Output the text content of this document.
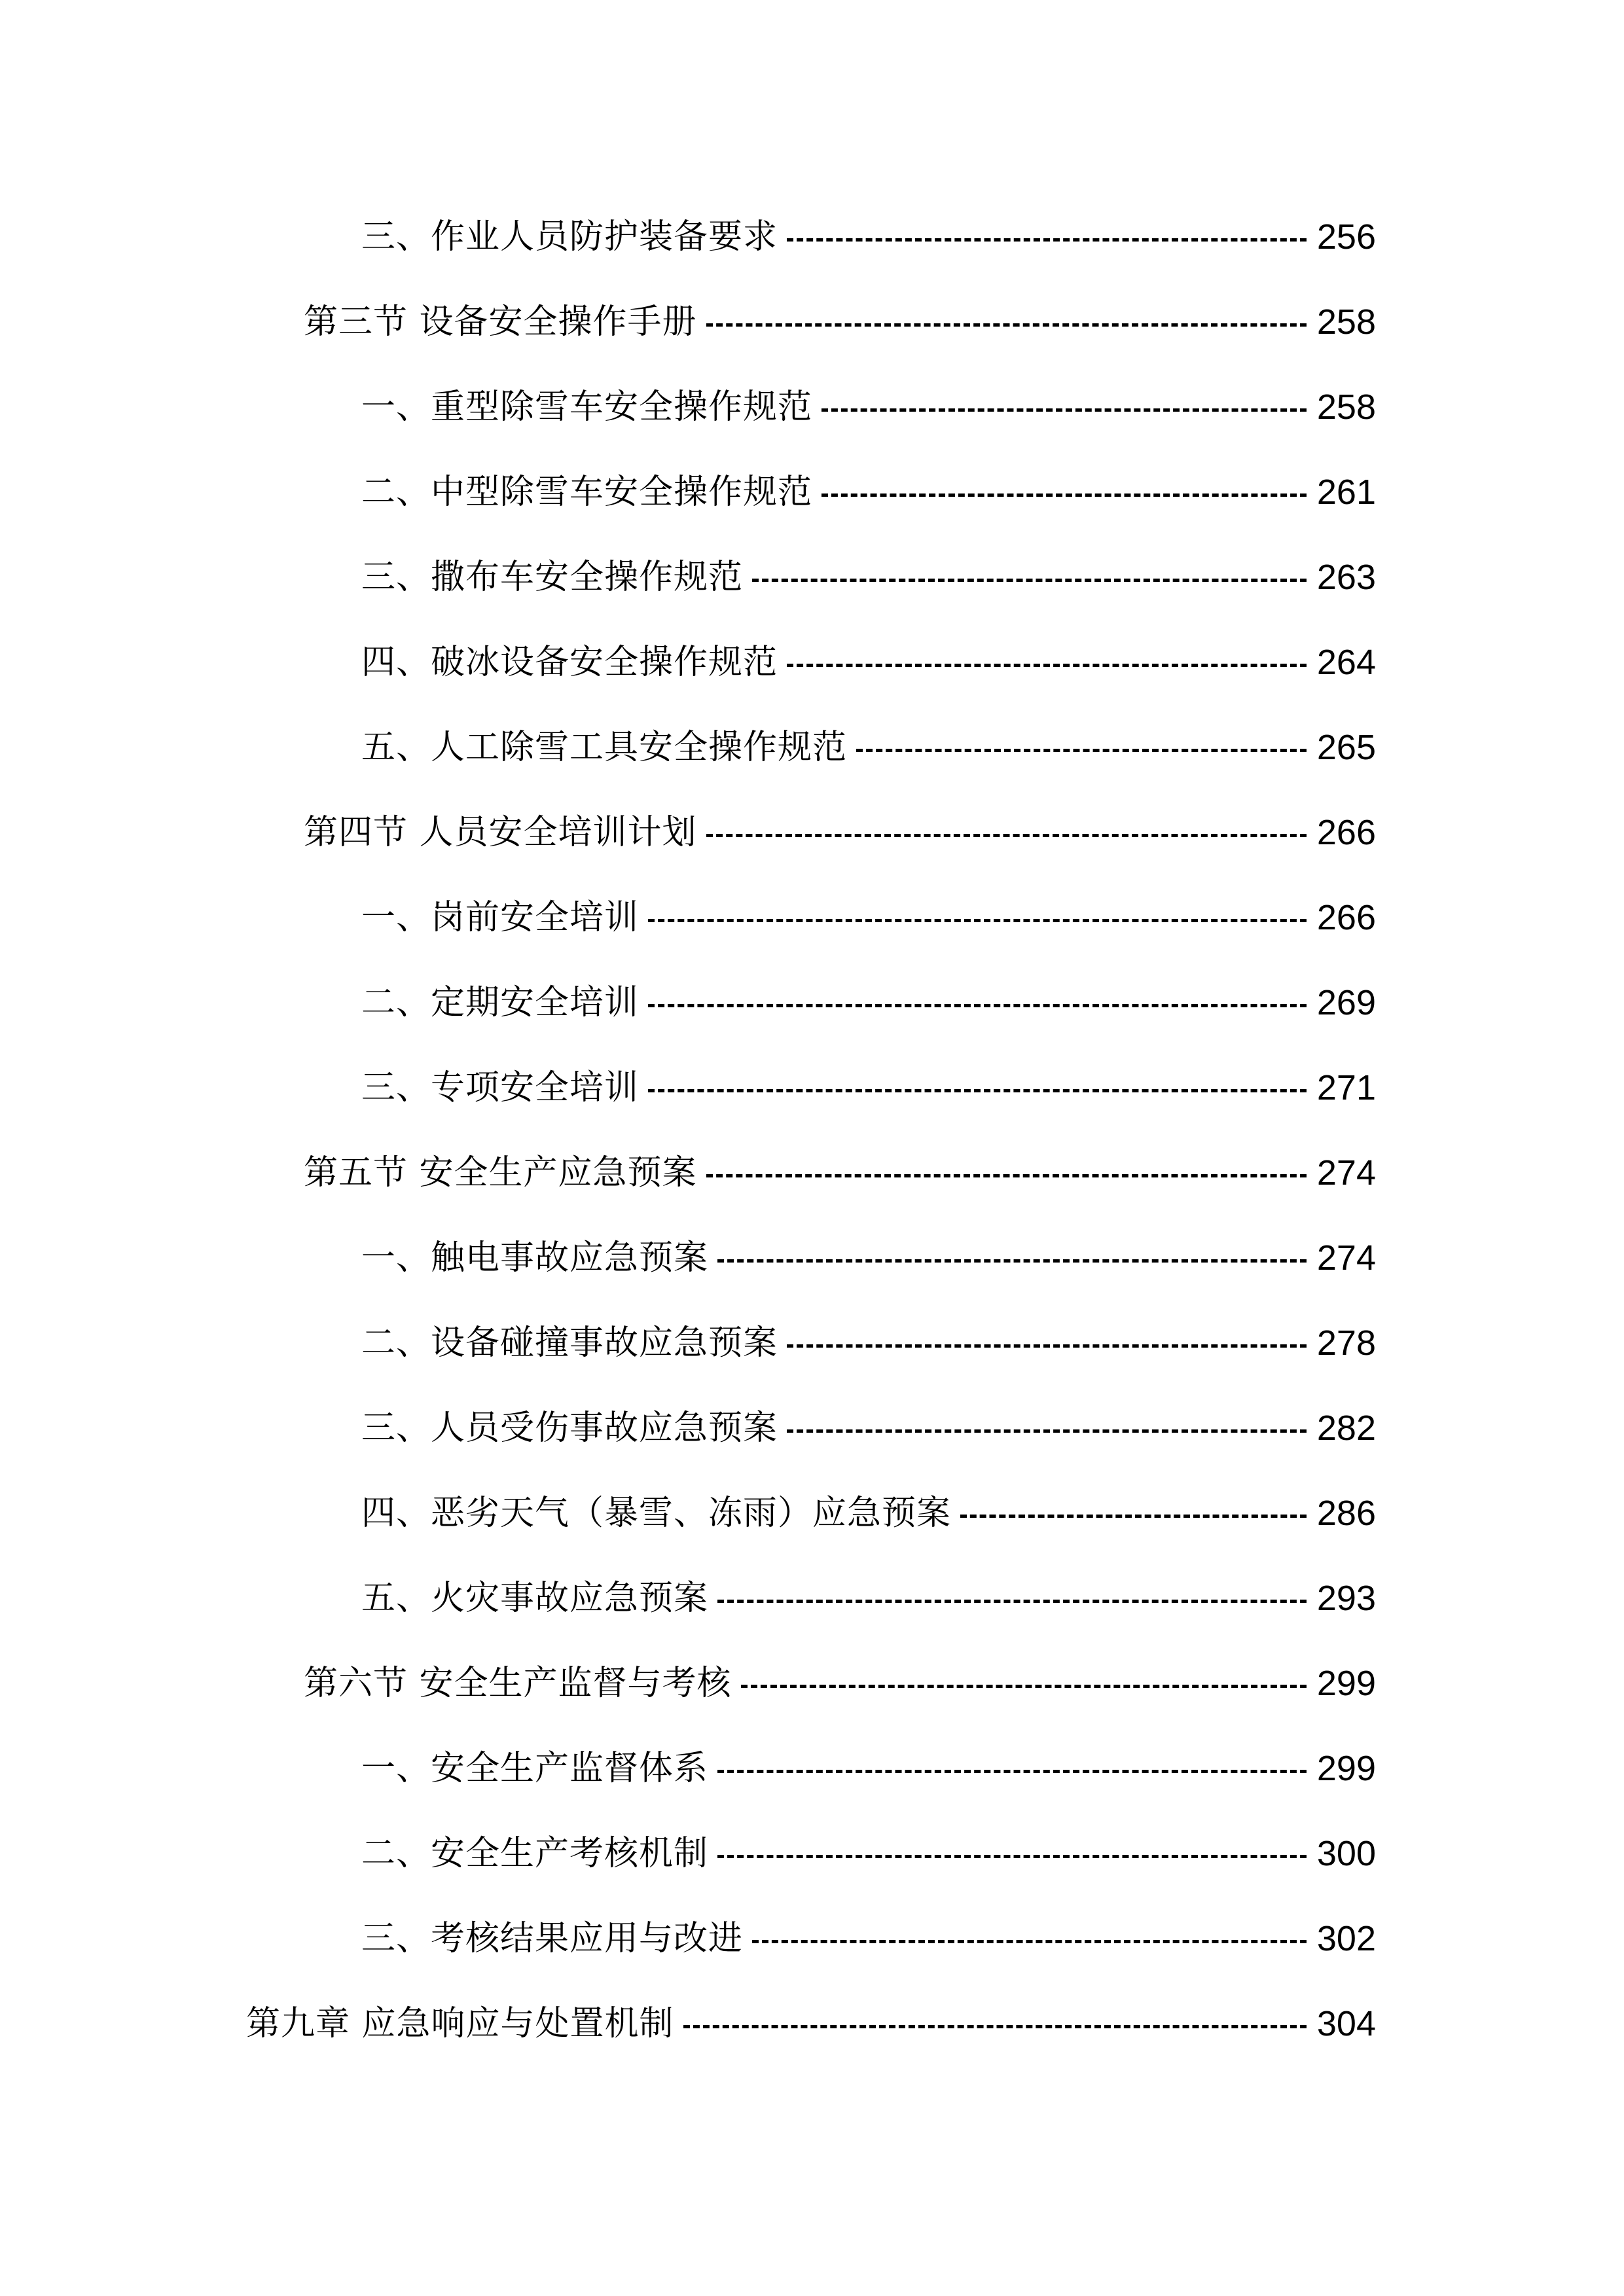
三、作业人员防护装备要求	256
第三节 设备安全操作手册	258
一、重型除雪车安全操作规范	258
二、中型除雪车安全操作规范	261
三、撒布车安全操作规范	263
四、破冰设备安全操作规范	264
五、人工除雪工具安全操作规范	265
第四节 人员安全培训计划	266
一、岗前安全培训	266
二、定期安全培训	269
三、专项安全培训	271
第五节 安全生产应急预案	274
一、触电事故应急预案	274
二、设备碰撞事故应急预案	278
三、人员受伤事故应急预案	282
四、恶劣天气（暴雪、冻雨）应急预案	286
五、火灾事故应急预案	293
第六节 安全生产监督与考核	299
一、安全生产监督体系	299
二、安全生产考核机制	300
三、考核结果应用与改进	302
第九章 应急响应与处置机制	304
